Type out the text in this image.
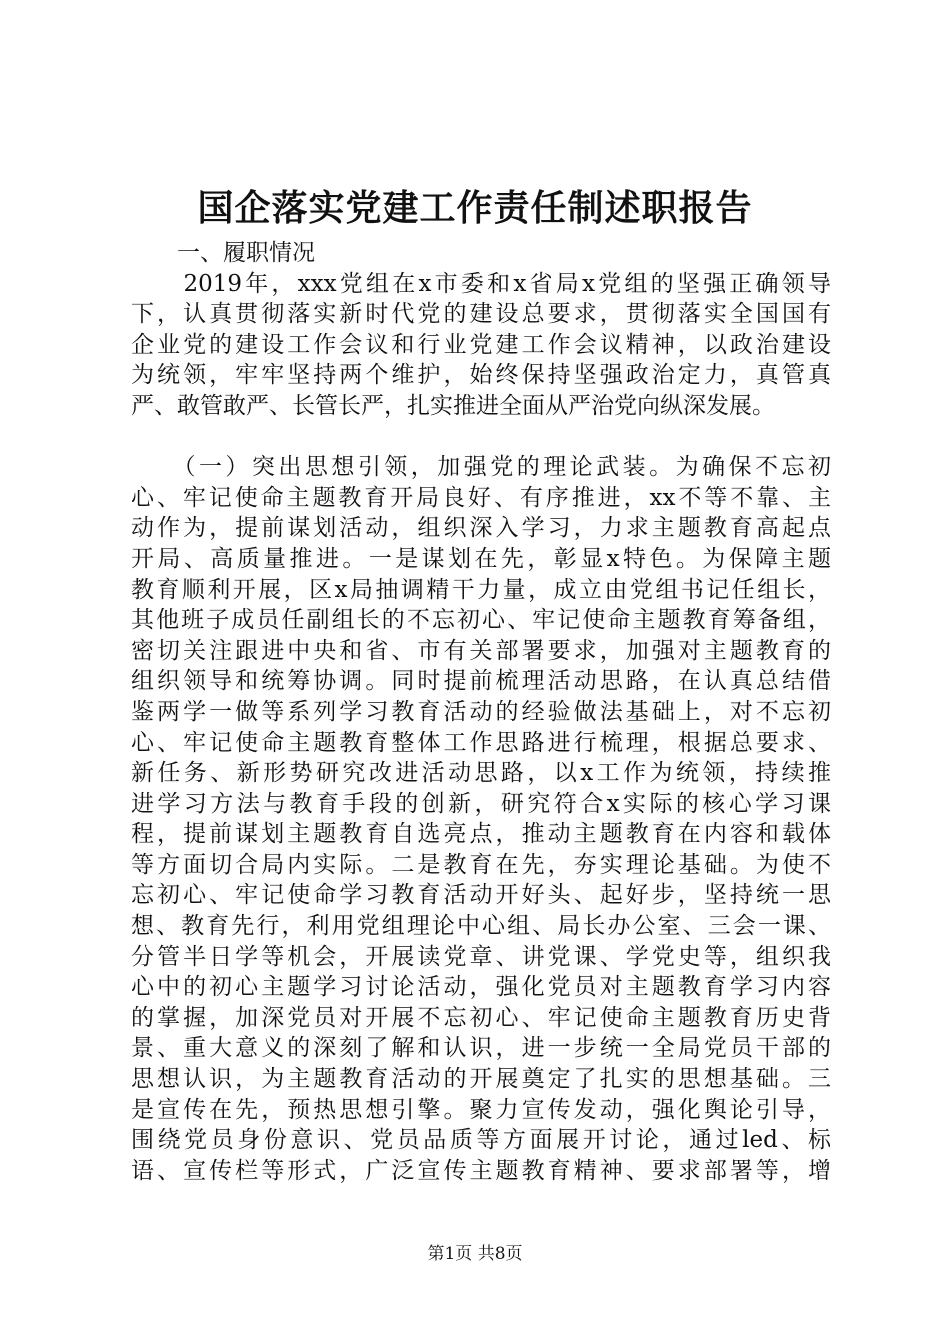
国企落实党建工作责任制述职报告
　　一、履职情况
　　2019年，xxx党组在x市委和x省局x党组的坚强正确领导
下，认真贯彻落实新时代党的建设总要求，贯彻落实全国国有
企业党的建设工作会议和行业党建工作会议精神，以政治建设
为统领，牢牢坚持两个维护，始终保持坚强政治定力，真管真
严、敢管敢严、长管长严，扎实推进全面从严治党向纵深发展。
　　（一）突出思想引领，加强党的理论武装。为确保不忘初
心、牢记使命主题教育开局良好、有序推进，xx不等不靠、主
动作为，提前谋划活动，组织深入学习，力求主题教育高起点
开局、高质量推进。一是谋划在先，彰显x特色。为保障主题
教育顺利开展，区x局抽调精干力量，成立由党组书记任组长，
其他班子成员任副组长的不忘初心、牢记使命主题教育筹备组，
密切关注跟进中央和省、市有关部署要求，加强对主题教育的
组织领导和统筹协调。同时提前梳理活动思路，在认真总结借
鉴两学一做等系列学习教育活动的经验做法基础上，对不忘初
心、牢记使命主题教育整体工作思路进行梳理，根据总要求、
新任务、新形势研究改进活动思路，以x工作为统领，持续推
进学习方法与教育手段的创新，研究符合x实际的核心学习课
程，提前谋划主题教育自选亮点，推动主题教育在内容和载体
等方面切合局内实际。二是教育在先，夯实理论基础。为使不
忘初心、牢记使命学习教育活动开好头、起好步，坚持统一思
想、教育先行，利用党组理论中心组、局长办公室、三会一课、
分管半日学等机会，开展读党章、讲党课、学党史等，组织我
心中的初心主题学习讨论活动，强化党员对主题教育学习内容
的掌握，加深党员对开展不忘初心、牢记使命主题教育历史背
景、重大意义的深刻了解和认识，进一步统一全局党员干部的
思想认识，为主题教育活动的开展奠定了扎实的思想基础。三
是宣传在先，预热思想引擎。聚力宣传发动，强化舆论引导，
围绕党员身份意识、党员品质等方面展开讨论，通过led、标
语、宣传栏等形式，广泛宣传主题教育精神、要求部署等，增
第1页 共8页
